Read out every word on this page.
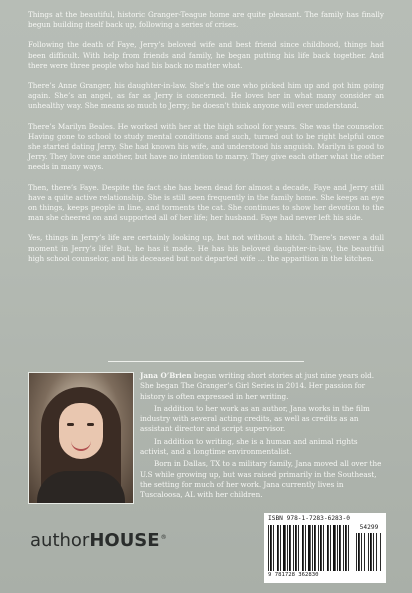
Things at the beautiful, historic Granger-Teague home are quite pleasant. The family has finally begun building itself back up, following a series of crises.

Following the death of Faye, Jerry’s beloved wife and best friend since childhood, things had been difficult. With help from friends and family, he began putting his life back together. And there were three people who had his back no matter what.

There’s Anne Granger, his daughter-in-law. She’s the one who picked him up and got him going again. She’s an angel, as far as Jerry is concerned. He loves her in what many consider an unhealthy way. She means so much to Jerry; he doesn’t think anyone will ever understand.

There’s Marilyn Beales. He worked with her at the high school for years. She was the counselor. Having gone to school to study mental conditions and such, turned out to be right helpful once she started dating Jerry. She had known his wife, and understood his anguish. Marilyn is good to Jerry. They love one another, but have no intention to marry. They give each other what the other needs in many ways.

Then, there’s Faye. Despite the fact she has been dead for almost a decade, Faye and Jerry still have a quite active relationship. She is still seen frequently in the family home. She keeps an eye on things, keeps people in line, and torments the cat. She continues to show her devotion to the man she cheered on and supported all of her life; her husband. Faye had never left his side.

Yes, things in Jerry’s life are certainly looking up, but not without a hitch. There’s never a dull moment in Jerry’s life! But, he has it made. He has his beloved daughter-in-law, the beautiful high school counselor, and his deceased but not departed wife … the apparition in the kitchen.

Jana O’Brien began writing short stories at just nine years old. She began The Granger’s Girl Series in 2014. Her passion for history is often expressed in her writing.

In addition to her work as an author, Jana works in the film industry with several acting credits, as well as credits as an assistant director and script supervisor.

In addition to writing, she is a human and animal rights activist, and a longtime environmentalist.

Born in Dallas, TX to a military family, Jana moved all over the U.S while growing up, but was raised primarily in the Southeast, the setting for much of her work. Jana currently lives in Tuscaloosa, AL with her children.

authorHOUSE®
ISBN 978-1-7283-6283-0
54299
9 781728 362830
